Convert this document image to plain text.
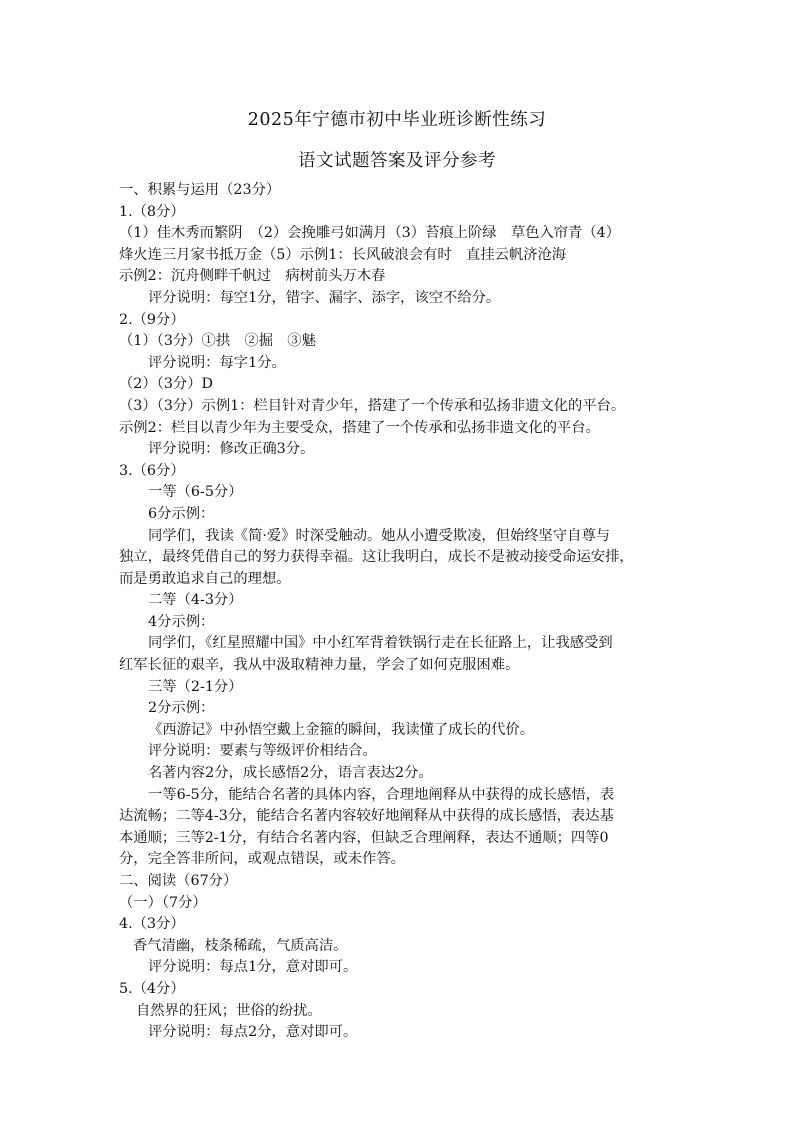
2025年宁德市初中毕业班诊断性练习
语文试题答案及评分参考
一、积累与运用（23分）
1.（8分）
（1）佳木秀而繁阴　（2）会挽雕弓如满月（3）苔痕上阶绿　草色入帘青（4）
烽火连三月家书抵万金（5）示例1：长风破浪会有时　直挂云帆济沧海
示例2：沉舟侧畔千帆过　病树前头万木春
评分说明：每空1分，错字、漏字、添字，该空不给分。
2.（9分）
（1）（3分）①拱　②掘　③魅
评分说明：每字1分。
（2）（3分）D
（3）（3分）示例1：栏目针对青少年，搭建了一个传承和弘扬非遗文化的平台。
示例2：栏目以青少年为主要受众，搭建了一个传承和弘扬非遗文化的平台。
评分说明：修改正确3分。
3.（6分）
一等（6-5分）
6分示例：
同学们，我读《简·爱》时深受触动。她从小遭受欺凌，但始终坚守自尊与
独立，最终凭借自己的努力获得幸福。这让我明白，成长不是被动接受命运安排，
而是勇敢追求自己的理想。
二等（4-3分）
4分示例：
同学们，《红星照耀中国》中小红军背着铁锅行走在长征路上，让我感受到
红军长征的艰辛，我从中汲取精神力量，学会了如何克服困难。
三等（2-1分）
2分示例：
《西游记》中孙悟空戴上金箍的瞬间，我读懂了成长的代价。
评分说明：要素与等级评价相结合。
名著内容2分，成长感悟2分，语言表达2分。
一等6-5分，能结合名著的具体内容，合理地阐释从中获得的成长感悟，表
达流畅；二等4-3分，能结合名著内容较好地阐释从中获得的成长感悟，表达基
本通顺；三等2-1分，有结合名著内容，但缺乏合理阐释，表达不通顺；四等0
分，完全答非所问，或观点错误，或未作答。
二、阅读（67分）
（一）（7分）
4.（3分）
香气清幽，枝条稀疏，气质高洁。
评分说明：每点1分，意对即可。
5.（4分）
自然界的狂风；世俗的纷扰。
评分说明：每点2分，意对即可。
